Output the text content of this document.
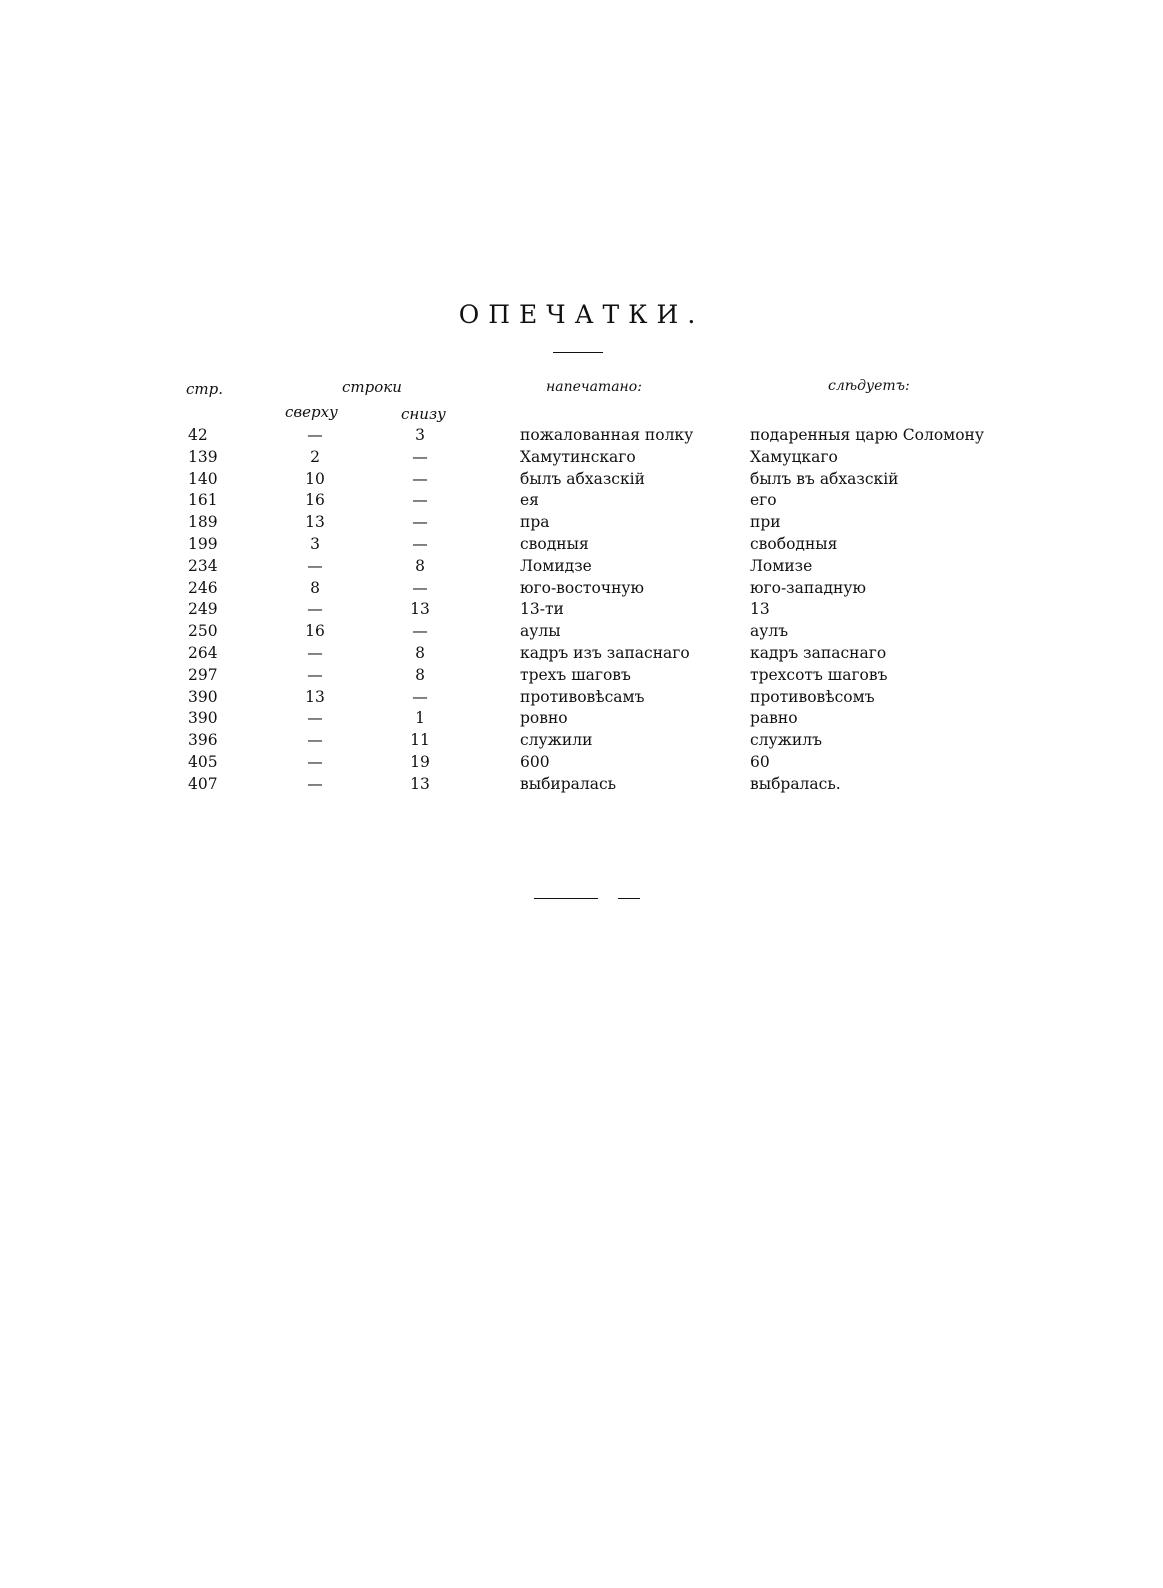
ОПЕЧАТКИ.
стр.	строки
сверху	снизу
напечатано:	слѣдуетъ:
42	—	3	пожалованная полку	подаренныя царю Соломону
139	2	—	Хамутинскаго	Хамуцкаго
140	10	—	былъ абхазскій	былъ въ абхазскій
161	16	—	ея	его
189	13	—	пра	при
199	3	—	сводныя	свободныя
234	—	8	Ломидзе	Ломизе
246	8	—	юго-восточную	юго-западную
249	—	13	13-ти	13
250	16	—	аулы	аулъ
264	—	8	кадръ изъ запаснаго	кадръ запаснаго
297	—	8	трехъ шаговъ	трехсотъ шаговъ
390	13	—	противовѣсамъ	противовѣсомъ
390	—	1	ровно	равно
396	—	11	служили	служилъ
405	—	19	600	60
407	—	13	выбиралась	выбралась.
